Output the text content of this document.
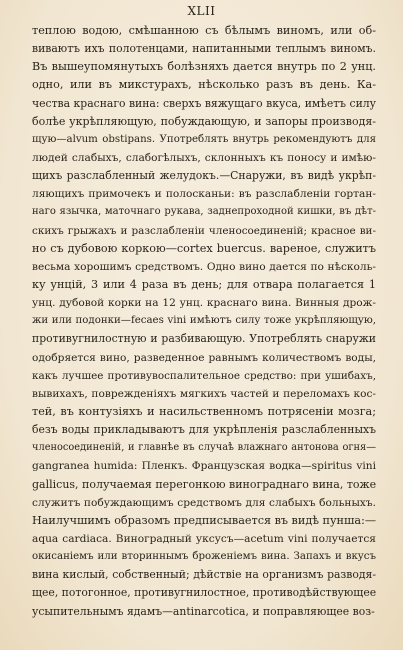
XLII
теплою водою, смѣшанною съ бѣлымъ виномъ, или об-
виваютъ ихъ полотенцами, напитанными теплымъ виномъ.
Въ вышеупомянутыхъ болѣзняхъ дается внутрь по 2 унц.
одно, или въ микстурахъ, нѣсколько разъ въ день. Ка-
чества краснаго вина: сверхъ вяжущаго вкуса, имѣетъ силу
болѣе укрѣпляющую, побуждающую, и запоры производя-
щую—alvum obstipans. Употреблять внутрь рекомендуютъ для
людей слабыхъ, слабогѣлыхъ, склонныхъ къ поносу и имѣю-
щихъ разслабленный желудокъ.—Снаружи, въ видѣ укрѣп-
ляющихъ примочекъ и полосканьи: въ разслабленіи гортан-
наго язычка, маточнаго рукава, заднепроходной кишки, въ дѣт-
скихъ грыжахъ и разслабленіи членосоединеній; красное ви-
но съ дубовою коркою—cortex buercus. вареное, служитъ
весьма хорошимъ средствомъ. Одно вино дается по нѣсколь-
ку унцій, 3 или 4 раза въ день; для отвара полагается 1
унц. дубовой корки на 12 унц. краснаго вина. Винныя дрож-
жи или подонки—fecaes vini имѣютъ силу тоже укрѣпляющую,
противугнилостную и разбивающую. Употреблять снаружи
одобряется вино, разведенное равнымъ количествомъ воды,
какъ лучшее противувоспалительное средство: при ушибахъ,
вывихахъ, поврежденіяхъ мягкихъ частей и переломахъ кос-
тей, въ контузіяхъ и насильственномъ потрясеніи мозга;
безъ воды прикладываютъ для укрѣпленія разслабленныхъ
членосоединеній, и главнѣе въ случаѣ влажнаго антонова огня—
gangranea humida: Пленкъ. Французская водка—spiritus vini
gallicus, получаемая перегонкою винограднаго вина, тоже
служитъ побуждающимъ средствомъ для слабыхъ больныхъ.
Наилучшимъ образомъ предписывается въ видѣ пунша:—
aqua cardiaca. Виноградный уксусъ—acetum vini получается
окисаніемъ или вториннымъ броженіемъ вина. Запахъ и вкусъ
вина кислый, собственный; дѣйствіе на организмъ разводя-
щее, потогонное, противугнилостное, противодѣйствующее
усыпительнымъ ядамъ—antinarcotica, и поправляющее воз-
